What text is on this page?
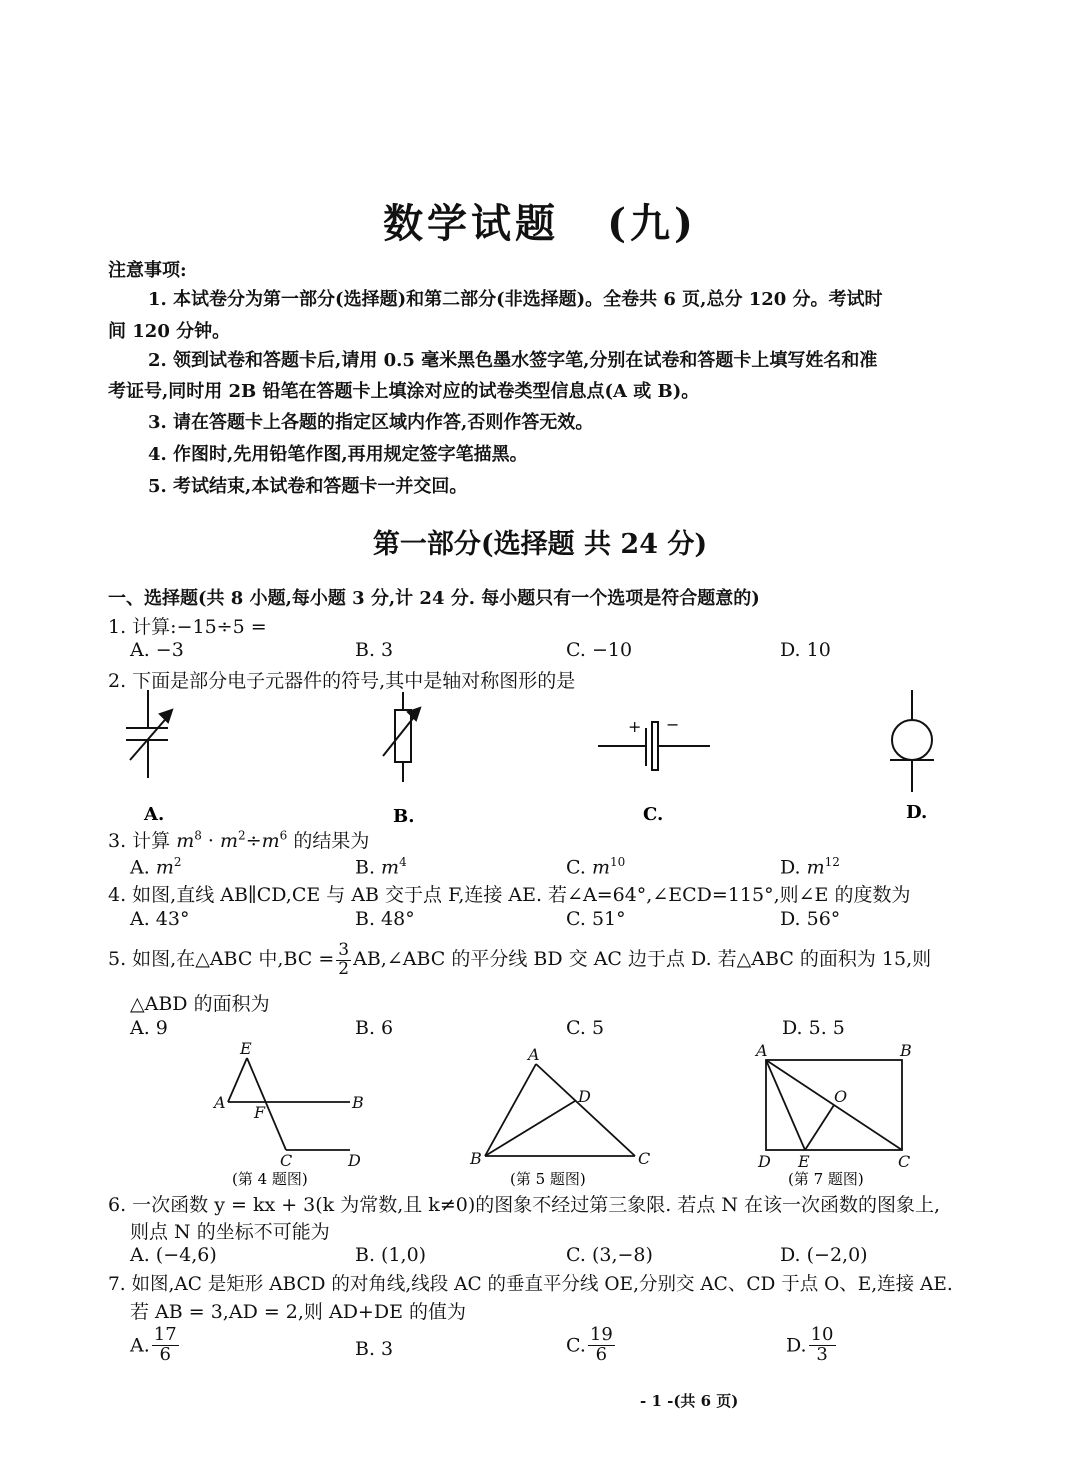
数学试题 (九)
注意事项:
1. 本试卷分为第一部分(选择题)和第二部分(非选择题)。全卷共 6 页,总分 120 分。考试时
间 120 分钟。
2. 领到试卷和答题卡后,请用 0.5 毫米黑色墨水签字笔,分别在试卷和答题卡上填写姓名和准
考证号,同时用 2B 铅笔在答题卡上填涂对应的试卷类型信息点(A 或 B)。
3. 请在答题卡上各题的指定区域内作答,否则作答无效。
4. 作图时,先用铅笔作图,再用规定签字笔描黑。
5. 考试结束,本试卷和答题卡一并交回。
第一部分(选择题 共 24 分)
一、选择题(共 8 小题,每小题 3 分,计 24 分. 每小题只有一个选项是符合题意的)
1. 计算:−15÷5 =
A. −3	B. 3	C. −10	D. 10
2. 下面是部分电子元器件的符号,其中是轴对称图形的是
+ −
A.	B.	C.	D.
3. 计算 $m^8 \cdot m^2\div m^6$ 的结果为
A. $m^2$	B. $m^4$	C. $m^{10}$	D. $m^{12}$
4. 如图,直线 AB∥CD,CE 与 AB 交于点 F,连接 AE. 若∠A=64°,∠ECD=115°,则∠E 的度数为
A. 43°	B. 48°	C. 51°	D. 56°
5. 如图,在△ABC 中$,BC = \frac{3}{2}$ AB,∠ABC 的平分线 BD 交 AC 边于点 D. 若△ABC 的面积为 15,则
△ABD 的面积为
A. 9	B. 6	C. 5	D. 5. 5
E
A
F
B
C	D
(第 4 题图)
A
D
B	C
(第 5 题图)
A	B
O
D E	C
(第 7 题图)
6. 一次函数 y = kx + 3(k 为常数,且 k≠0)的图象不经过第三象限. 若点 N 在该一次函数的图象上,
则点 N 的坐标不可能为
A. (−4,6)	B. (1,0)	C. (3,−8)	D. (−2,0)
7. 如图,AC 是矩形 ABCD 的对角线,线段 AC 的垂直平分线 OE,分别交 AC、CD 于点 O、E,连接 AE.
若 AB = 3,AD = 2,则 AD+DE 的值为
A. $\frac{17}{6}$	B. 3	C. $\frac{19}{6}$	D. $\frac{10}{3}$
- 1 -(共 6 页)
